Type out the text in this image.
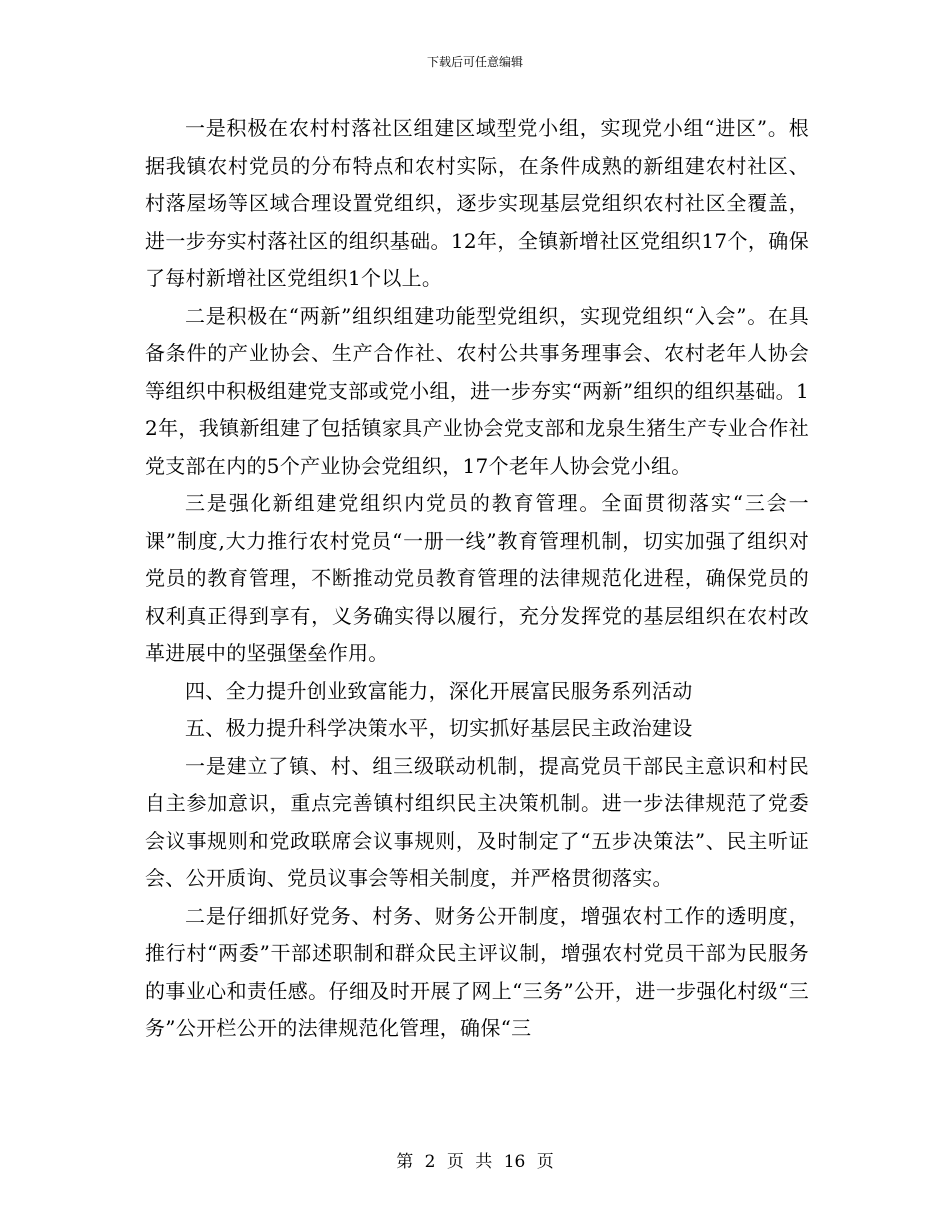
下载后可任意编辑

一是积极在农村村落社区组建区域型党小组，实现党小组“进区”。根据我镇农村党员的分布特点和农村实际，在条件成熟的新组建农村社区、村落屋场等区域合理设置党组织，逐步实现基层党组织农村社区全覆盖，进一步夯实村落社区的组织基础。12年，全镇新增社区党组织17个，确保了每村新增社区党组织1个以上。

二是积极在“两新”组织组建功能型党组织，实现党组织“入会”。在具备条件的产业协会、生产合作社、农村公共事务理事会、农村老年人协会等组织中积极组建党支部或党小组，进一步夯实“两新”组织的组织基础。12年，我镇新组建了包括镇家具产业协会党支部和龙泉生猪生产专业合作社党支部在内的5个产业协会党组织，17个老年人协会党小组。

三是强化新组建党组织内党员的教育管理。全面贯彻落实“三会一课”制度,大力推行农村党员“一册一线”教育管理机制，切实加强了组织对党员的教育管理，不断推动党员教育管理的法律规范化进程，确保党员的权利真正得到享有，义务确实得以履行，充分发挥党的基层组织在农村改革进展中的坚强堡垒作用。

四、全力提升创业致富能力，深化开展富民服务系列活动

五、极力提升科学决策水平，切实抓好基层民主政治建设

一是建立了镇、村、组三级联动机制，提高党员干部民主意识和村民自主参加意识，重点完善镇村组织民主决策机制。进一步法律规范了党委会议事规则和党政联席会议事规则，及时制定了“五步决策法”、民主听证会、公开质询、党员议事会等相关制度，并严格贯彻落实。

二是仔细抓好党务、村务、财务公开制度，增强农村工作的透明度，推行村“两委”干部述职制和群众民主评议制，增强农村党员干部为民服务的事业心和责任感。仔细及时开展了网上“三务”公开，进一步强化村级“三务”公开栏公开的法律规范化管理，确保“三

第 2 页 共 16 页
